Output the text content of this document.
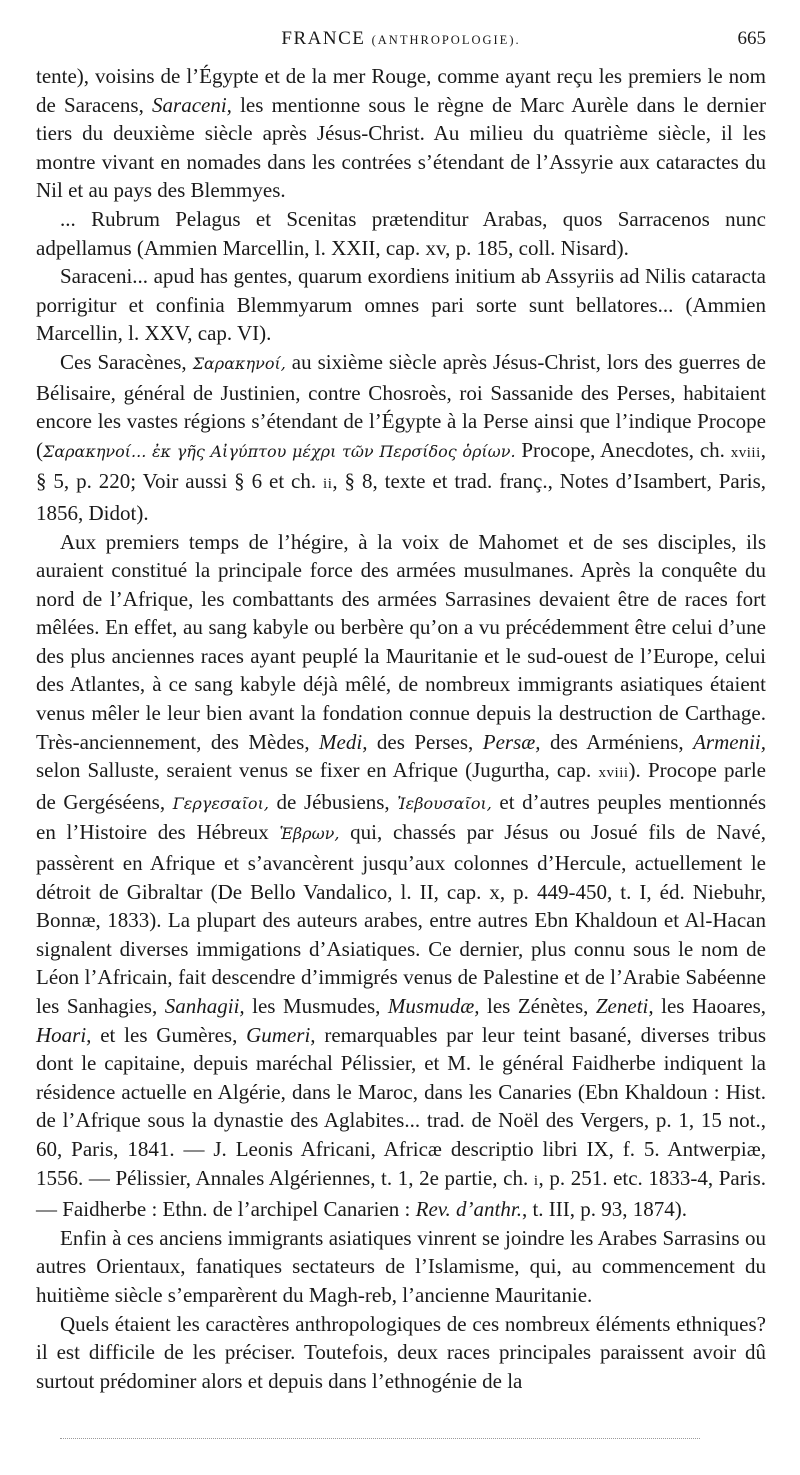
FRANCE (ANTHROPOLOGIE).	665

tente), voisins de l’Égypte et de la mer Rouge, comme ayant reçu les premiers le nom de Saracens, Saraceni, les mentionne sous le règne de Marc Aurèle dans le dernier tiers du deuxième siècle après Jésus-Christ. Au milieu du quatrième siècle, il les montre vivant en nomades dans les contrées s’étendant de l’Assyrie aux cataractes du Nil et au pays des Blemmyes.

... Rubrum Pelagus et Scenitas prætenditur Arabas, quos Sarracenos nunc adpellamus (Ammien Marcellin, l. XXII, cap. xv, p. 185, coll. Nisard).

Saraceni... apud has gentes, quarum exordiens initium ab Assyriis ad Nilis cataracta porrigitur et confinia Blemmyarum omnes pari sorte sunt bellatores... (Ammien Marcellin, l. XXV, cap. VI).

Ces Saracènes, Σαρακηνοί, au sixième siècle après Jésus-Christ, lors des guerres de Bélisaire, général de Justinien, contre Chosroès, roi Sassanide des Perses, habitaient encore les vastes régions s’étendant de l’Égypte à la Perse ainsi que l’indique Procope (Σαρακηνοί... ἐκ γῆς Αἰγύπτου μέχρι τῶν Περσίδος ὁρίων. Procope, Anecdotes, ch. xviii, § 5, p. 220; Voir aussi § 6 et ch. ii, § 8, texte et trad. franç., Notes d’Isambert, Paris, 1856, Didot).

Aux premiers temps de l’hégire, à la voix de Mahomet et de ses disciples, ils auraient constitué la principale force des armées musulmanes. Après la conquête du nord de l’Afrique, les combattants des armées Sarrasines devaient être de races fort mêlées. En effet, au sang kabyle ou berbère qu’on a vu précédemment être celui d’une des plus anciennes races ayant peuplé la Mauritanie et le sud-ouest de l’Europe, celui des Atlantes, à ce sang kabyle déjà mêlé, de nombreux immigrants asiatiques étaient venus mêler le leur bien avant la fondation connue depuis la destruction de Carthage. Très-anciennement, des Mèdes, Medi, des Perses, Persæ, des Arméniens, Armenii, selon Salluste, seraient venus se fixer en Afrique (Jugurtha, cap. xviii). Procope parle de Gergéséens, Γεργεσαῖοι, de Jébusiens, Ἰεβουσαῖοι, et d’autres peuples mentionnés en l’Histoire des Hébreux Ἑβρων, qui, chassés par Jésus ou Josué fils de Navé, passèrent en Afrique et s’avancèrent jusqu’aux colonnes d’Hercule, actuellement le détroit de Gibraltar (De Bello Vandalico, l. II, cap. x, p. 449-450, t. I, éd. Niebuhr, Bonnæ, 1833). La plupart des auteurs arabes, entre autres Ebn Khaldoun et Al-Hacan signalent diverses immigations d’Asiatiques. Ce dernier, plus connu sous le nom de Léon l’Africain, fait descendre d’immigrés venus de Palestine et de l’Arabie Sabéenne les Sanhagies, Sanhagii, les Musmudes, Musmudæ, les Zénètes, Zeneti, les Haoares, Hoari, et les Gumères, Gumeri, remarquables par leur teint basané, diverses tribus dont le capitaine, depuis maréchal Pélissier, et M. le général Faidherbe indiquent la résidence actuelle en Algérie, dans le Maroc, dans les Canaries (Ebn Khaldoun : Hist. de l’Afrique sous la dynastie des Aglabites... trad. de Noël des Vergers, p. 1, 15 not., 60, Paris, 1841. — J. Leonis Africani, Africæ descriptio libri IX, f. 5. Antwerpiæ, 1556. — Pélissier, Annales Algériennes, t. 1, 2e partie, ch. i, p. 251. etc. 1833-4, Paris. — Faidherbe : Ethn. de l’archipel Canarien : Rev. d’anthr., t. III, p. 93, 1874).

Enfin à ces anciens immigrants asiatiques vinrent se joindre les Arabes Sarrasins ou autres Orientaux, fanatiques sectateurs de l’Islamisme, qui, au commencement du huitième siècle s’emparèrent du Magh-reb, l’ancienne Mauritanie.

Quels étaient les caractères anthropologiques de ces nombreux éléments ethniques? il est difficile de les préciser. Toutefois, deux races principales paraissent avoir dû surtout prédominer alors et depuis dans l’ethnogénie de la
